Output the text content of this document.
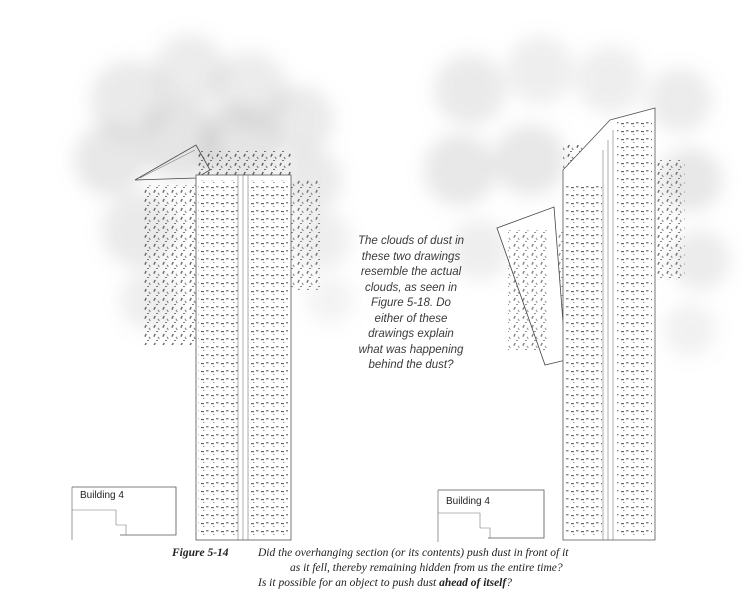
The clouds of dust in
these two drawings
resemble the actual
clouds, as seen in
Figure 5-18. Do
either of these
drawings explain
what was happening
behind the dust?
Building 4
Building 4
Figure 5-14	Did the overhanging section (or its contents) push dust in front of it
as it fell, thereby remaining hidden from us the entire time?
Is it possible for an object to push dust ahead of itself?
